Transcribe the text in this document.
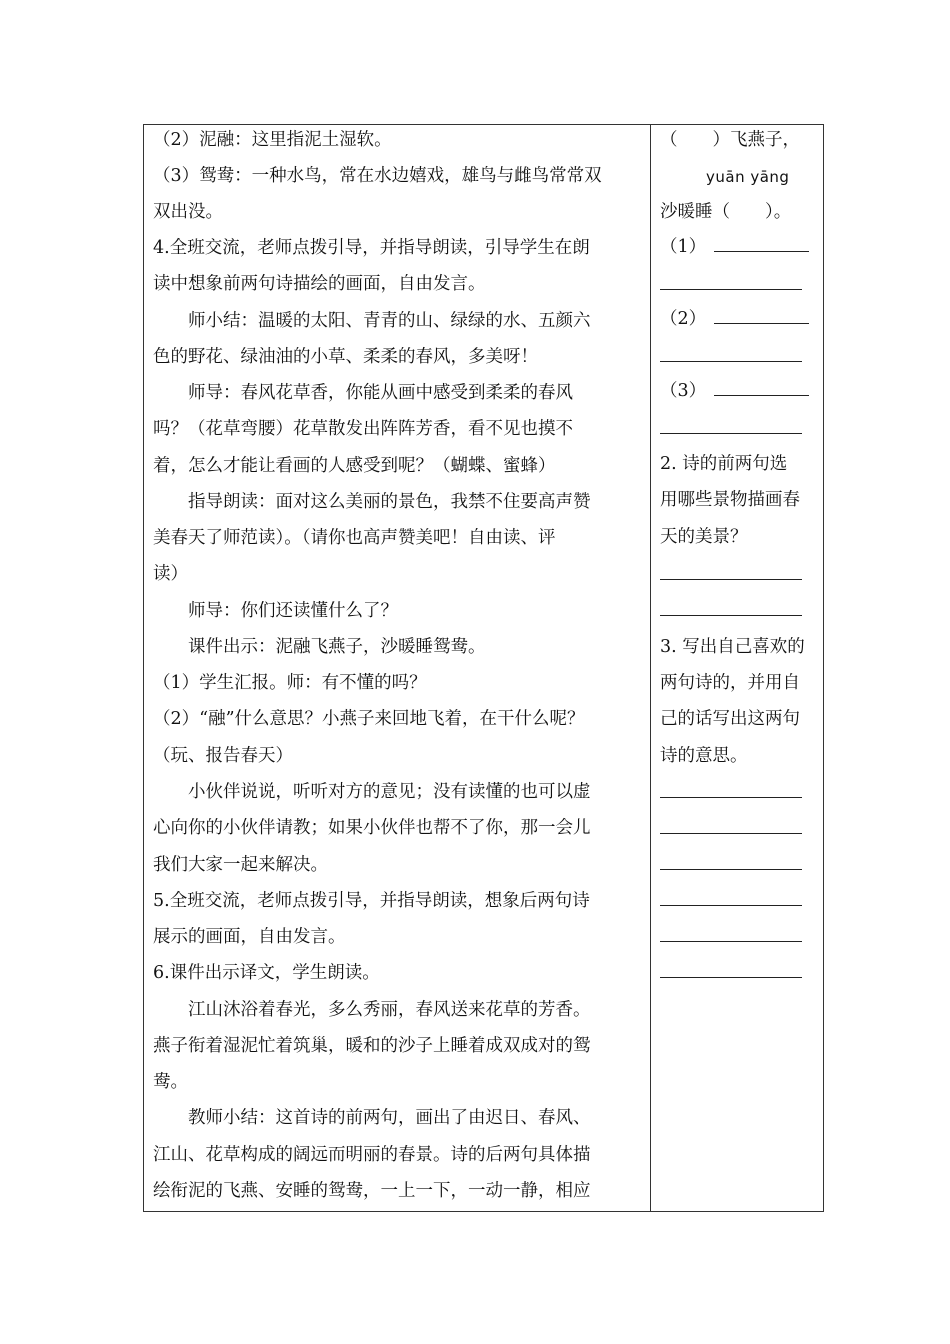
（2）泥融：这里指泥土湿软。
（3）鸳鸯：一种水鸟，常在水边嬉戏，雄鸟与雌鸟常常双
双出没。
4.全班交流，老师点拨引导，并指导朗读，引导学生在朗
读中想象前两句诗描绘的画面，自由发言。
师小结：温暖的太阳、青青的山、绿绿的水、五颜六
色的野花、绿油油的小草、柔柔的春风，多美呀！
师导：春风花草香，你能从画中感受到柔柔的春风
吗？（花草弯腰）花草散发出阵阵芳香，看不见也摸不
着，怎么才能让看画的人感受到呢？（蝴蝶、蜜蜂）
指导朗读：面对这么美丽的景色，我禁不住要高声赞
美春天了师范读）。（请你也高声赞美吧！自由读、评
读）
师导：你们还读懂什么了？
课件出示：泥融飞燕子，沙暖睡鸳鸯。
（1）学生汇报。师：有不懂的吗？
（2）“融”什么意思？小燕子来回地飞着，在干什么呢？
（玩、报告春天）
小伙伴说说，听听对方的意见；没有读懂的也可以虚
心向你的小伙伴请教；如果小伙伴也帮不了你，那一会儿
我们大家一起来解决。
5.全班交流，老师点拨引导，并指导朗读，想象后两句诗
展示的画面，自由发言。
6.课件出示译文，学生朗读。
江山沐浴着春光，多么秀丽，春风送来花草的芳香。
燕子衔着湿泥忙着筑巢，暖和的沙子上睡着成双成对的鸳
鸯。
教师小结：这首诗的前两句，画出了由迟日、春风、
江山、花草构成的阔远而明丽的春景。诗的后两句具体描
绘衔泥的飞燕、安睡的鸳鸯，一上一下，一动一静，相应
（　　）飞燕子，
yuān yāng
沙暖睡（　　）。
（1）
（2）
（3）
2. 诗的前两句选
用哪些景物描画春
天的美景？
3. 写出自己喜欢的
两句诗的，并用自
己的话写出这两句
诗的意思。
